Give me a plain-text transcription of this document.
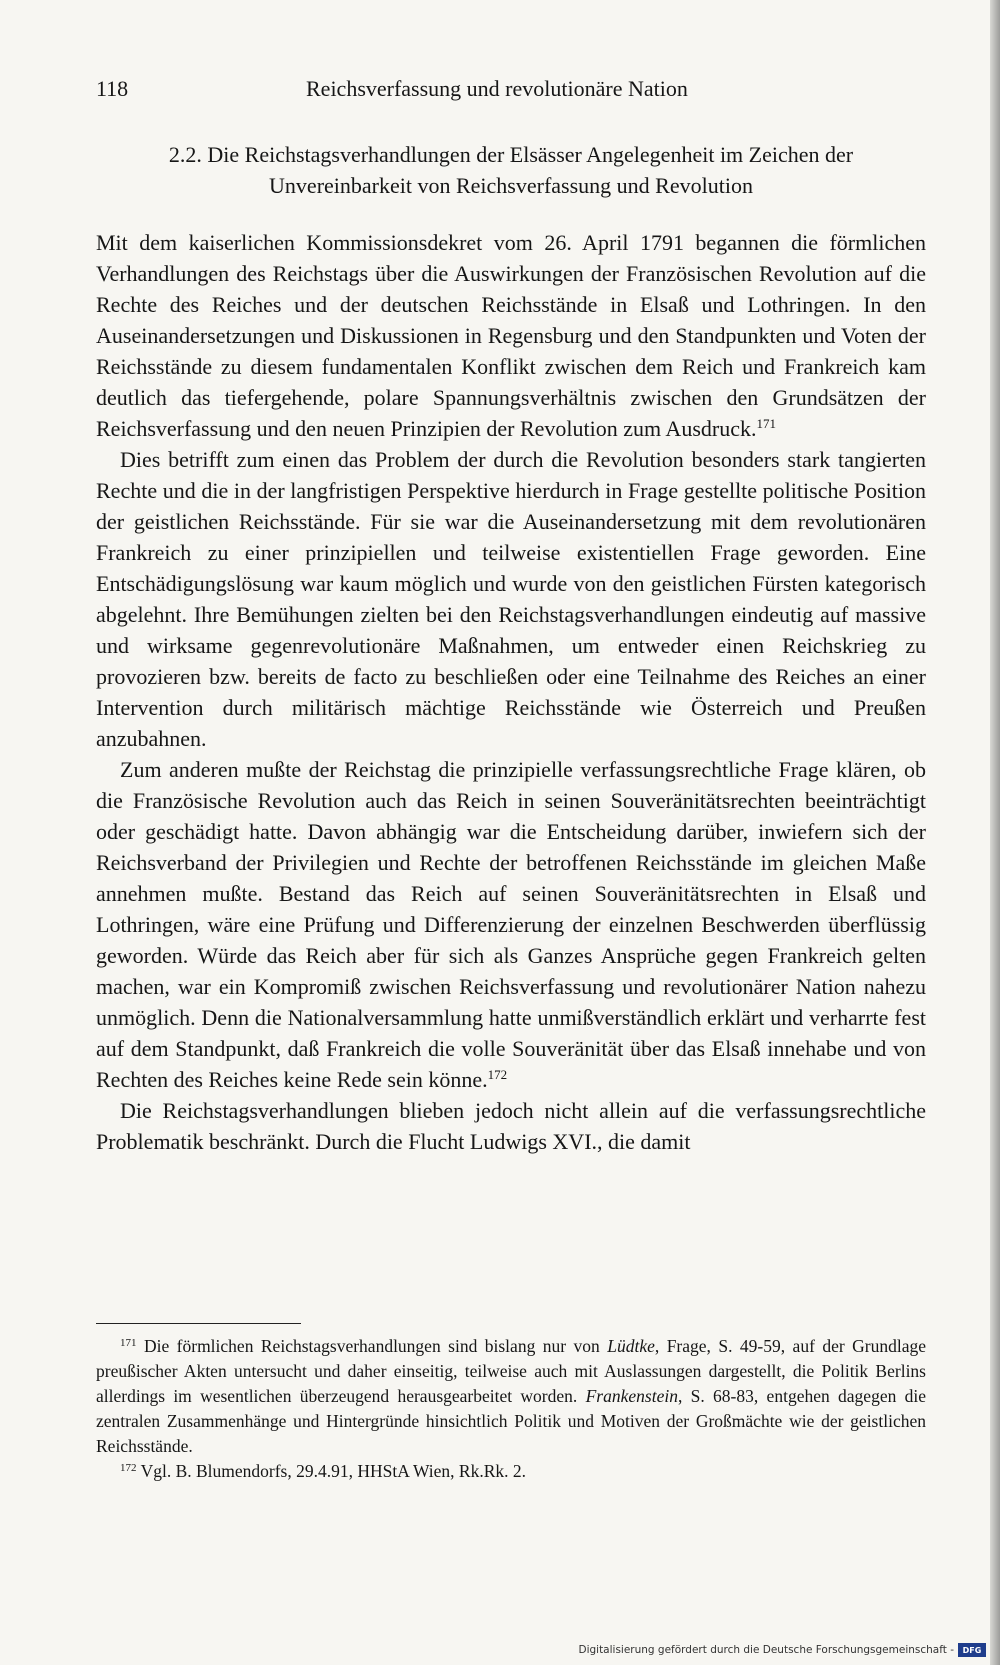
118	Reichsverfassung und revolutionäre Nation
2.2. Die Reichstagsverhandlungen der Elsässer Angelegenheit im Zeichen der
Unvereinbarkeit von Reichsverfassung und Revolution

Mit dem kaiserlichen Kommissionsdekret vom 26. April 1791 begannen die förmlichen Verhandlungen des Reichstags über die Auswirkungen der Französischen Revolution auf die Rechte des Reiches und der deutschen Reichsstände in Elsaß und Lothringen. In den Auseinandersetzungen und Diskussionen in Regensburg und den Standpunkten und Voten der Reichsstände zu diesem fundamentalen Konflikt zwischen dem Reich und Frankreich kam deutlich das tiefergehende, polare Spannungsverhältnis zwischen den Grundsätzen der Reichsverfassung und den neuen Prinzipien der Revolution zum Ausdruck.$^{171}$

Dies betrifft zum einen das Problem der durch die Revolution besonders stark tangierten Rechte und die in der langfristigen Perspektive hierdurch in Frage gestellte politische Position der geistlichen Reichsstände. Für sie war die Auseinandersetzung mit dem revolutionären Frankreich zu einer prinzipiellen und teilweise existentiellen Frage geworden. Eine Entschädigungslösung war kaum möglich und wurde von den geistlichen Fürsten kategorisch abgelehnt. Ihre Bemühungen zielten bei den Reichstagsverhandlungen eindeutig auf massive und wirksame gegenrevolutionäre Maßnahmen, um entweder einen Reichskrieg zu provozieren bzw. bereits de facto zu beschließen oder eine Teilnahme des Reiches an einer Intervention durch militärisch mächtige Reichsstände wie Österreich und Preußen anzubahnen.

Zum anderen mußte der Reichstag die prinzipielle verfassungsrechtliche Frage klären, ob die Französische Revolution auch das Reich in seinen Souveränitätsrechten beeinträchtigt oder geschädigt hatte. Davon abhängig war die Entscheidung darüber, inwiefern sich der Reichsverband der Privilegien und Rechte der betroffenen Reichsstände im gleichen Maße annehmen mußte. Bestand das Reich auf seinen Souveränitätsrechten in Elsaß und Lothringen, wäre eine Prüfung und Differenzierung der einzelnen Beschwerden überflüssig geworden. Würde das Reich aber für sich als Ganzes Ansprüche gegen Frankreich gelten machen, war ein Kompromiß zwischen Reichsverfassung und revolutionärer Nation nahezu unmöglich. Denn die Nationalversammlung hatte unmißverständlich erklärt und verharrte fest auf dem Standpunkt, daß Frankreich die volle Souveränität über das Elsaß innehabe und von Rechten des Reiches keine Rede sein könne.$^{172}$

Die Reichstagsverhandlungen blieben jedoch nicht allein auf die verfassungsrechtliche Problematik beschränkt. Durch die Flucht Ludwigs XVI., die damit

$^{171}$ Die förmlichen Reichstagsverhandlungen sind bislang nur von Lüdtke, Frage, S. 49-59, auf der Grundlage preußischer Akten untersucht und daher einseitig, teilweise auch mit Auslassungen dargestellt, die Politik Berlins allerdings im wesentlichen überzeugend herausgearbeitet worden. Frankenstein, S. 68-83, entgehen dagegen die zentralen Zusammenhänge und Hintergründe hinsichtlich Politik und Motiven der Großmächte wie der geistlichen Reichsstände.

$^{172}$ Vgl. B. Blumendorfs, 29.4.91, HHStA Wien, Rk.Rk. 2.

Digitalisierung gefördert durch die Deutsche Forschungsgemeinschaft -	DFG
